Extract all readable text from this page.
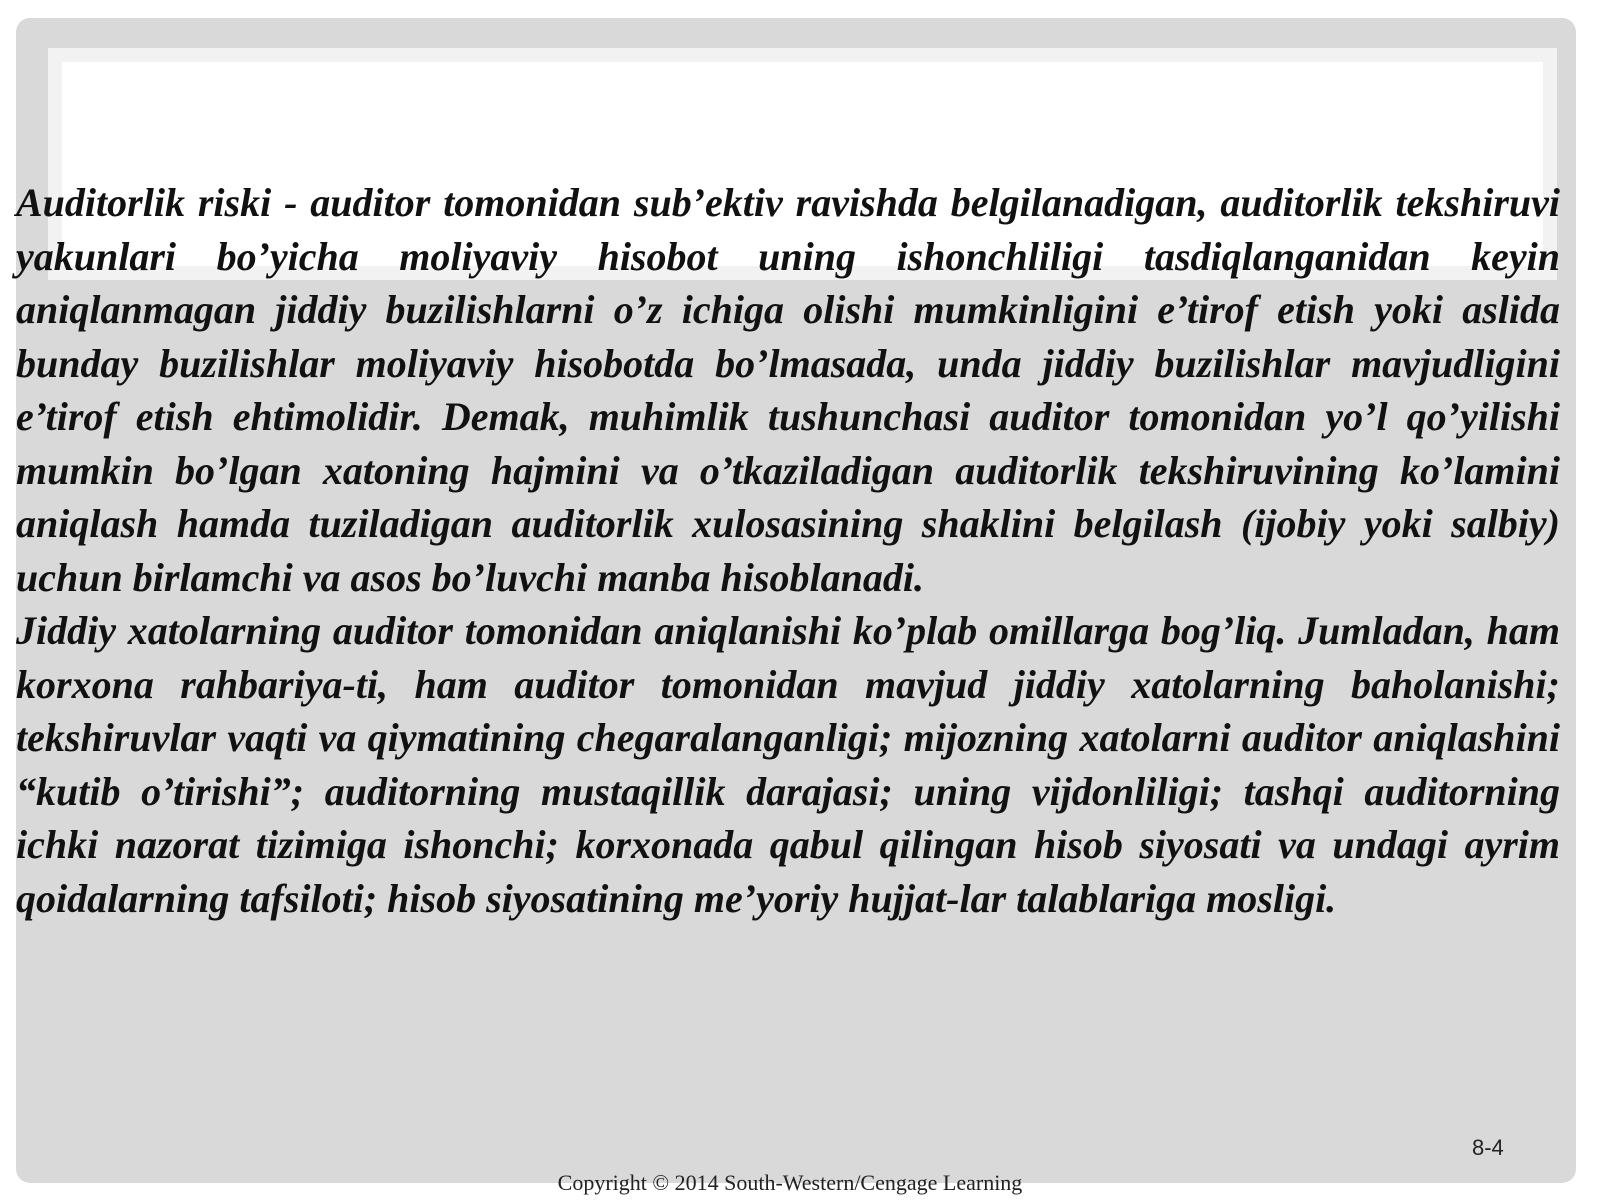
Auditorlik riski - auditor tomonidan sub’ektiv ravishda belgilanadigan, auditorlik tekshiruvi yakunlari bo’yicha moliyaviy hisobot uning ishonchliligi tasdiqlanganidan keyin aniqlanmagan jiddiy buzilishlarni o’z ichiga olishi mumkinligini e’tirof etish yoki aslida bunday buzilishlar moliyaviy hisobotda bo’lmasada, unda jiddiy buzilishlar mavjudligini e’tirof etish ehtimolidir. Demak, muhimlik tushunchasi auditor tomonidan yo’l qo’yilishi mumkin bo’lgan xatoning hajmini va o’tkaziladigan auditorlik tekshiruvining ko’lamini aniqlash hamda tuziladigan auditorlik xulosasining shaklini belgilash (ijobiy yoki salbiy) uchun birlamchi va asos bo’luvchi manba hisoblanadi.

Jiddiy xatolarning auditor tomonidan aniqlanishi ko’plab omillarga bog’liq. Jumladan, ham korxona rahbariya-ti, ham auditor tomonidan mavjud jiddiy xatolarning baholanishi; tekshiruvlar vaqti va qiymatining chegaralanganligi; mijozning xatolarni auditor aniqlashini “kutib o’tirishi”; auditorning mustaqillik darajasi; uning vijdonliligi; tashqi auditorning ichki nazorat tizimiga ishonchi; korxonada qabul qilingan hisob siyosati va undagi ayrim qoidalarning tafsiloti; hisob siyosatining me’yoriy hujjat-lar talablariga mosligi.

8-4
Copyright © 2014 South-Western/Cengage Learning
